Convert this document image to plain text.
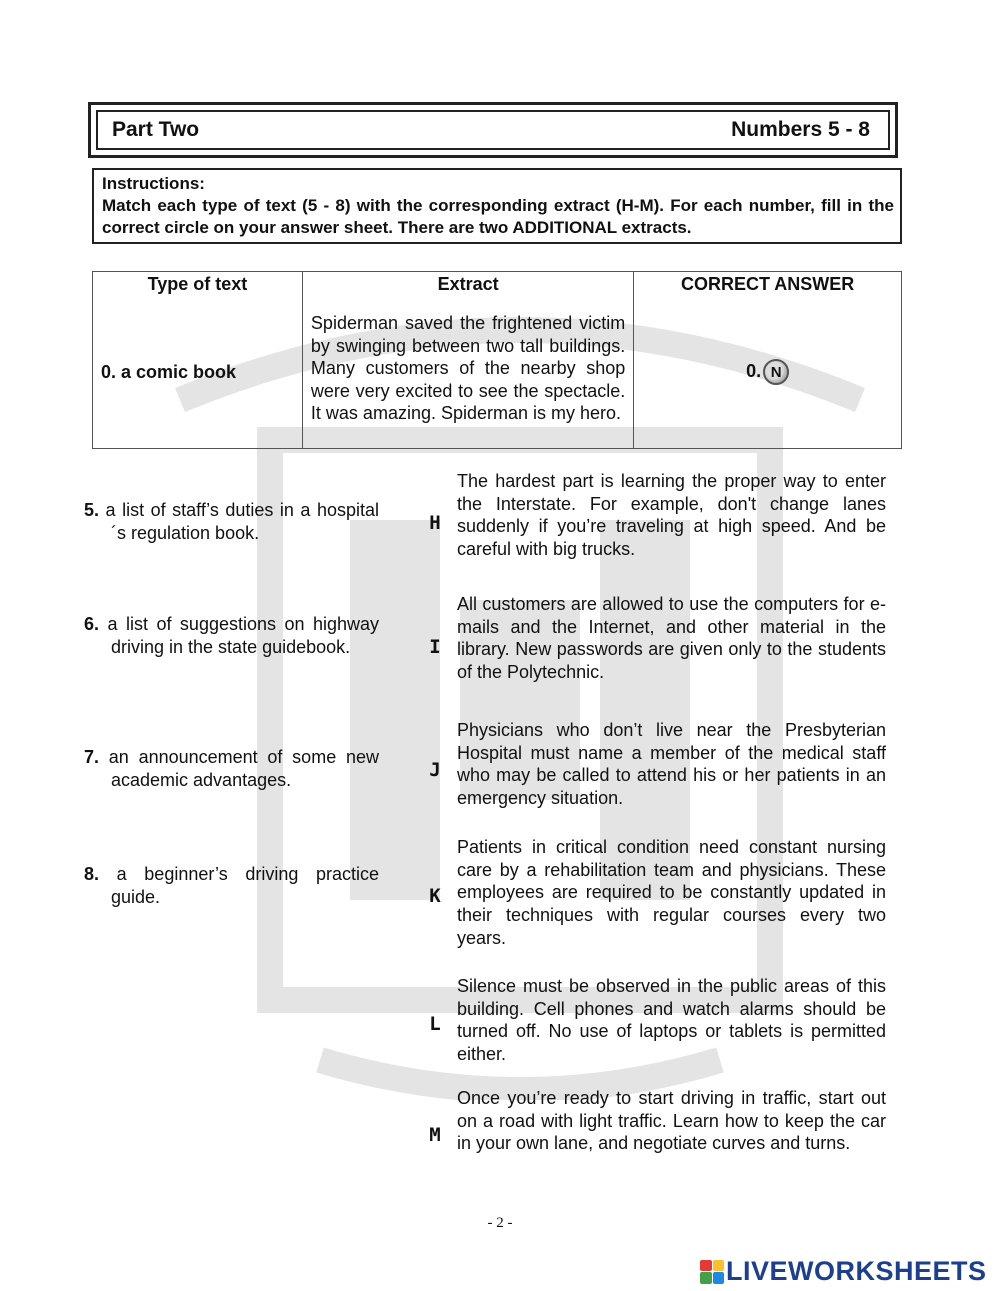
Part Two	Numbers 5 - 8
Instructions:
Match each type of text (5 - 8) with the corresponding extract (H-M). For each number, fill in the correct circle on your answer sheet. There are two ADDITIONAL extracts.
Type of text	Extract	CORRECT ANSWER
0. a comic book	Spiderman saved the frightened victim by swinging between two tall buildings. Many customers of the nearby shop were very excited to see the spectacle. It was amazing. Spiderman is my hero.	0. N
5. a list of staff’s duties in a hospital´s regulation book.
6. a list of suggestions on highway driving in the state guidebook.
7. an announcement of some new academic advantages.
8. a beginner’s driving practice guide.
H
The hardest part is learning the proper way to enter the Interstate. For example, don't change lanes suddenly if you’re traveling at high speed. And be careful with big trucks.
I
All customers are allowed to use the computers for e-mails and the Internet, and other material in the library. New passwords are given only to the students of the Polytechnic.
J
Physicians who don’t live near the Presbyterian Hospital must name a member of the medical staff who may be called to attend his or her patients in an emergency situation.
K
Patients in critical condition need constant nursing care by a rehabilitation team and physicians. These employees are required to be constantly updated in their techniques with regular courses every two years.
L
Silence must be observed in the public areas of this building. Cell phones and watch alarms should be turned off. No use of laptops or tablets is permitted either.
M
Once you’re ready to start driving in traffic, start out on a road with light traffic. Learn how to keep the car in your own lane, and negotiate curves and turns.
- 2 -
LIVEWORKSHEETS
